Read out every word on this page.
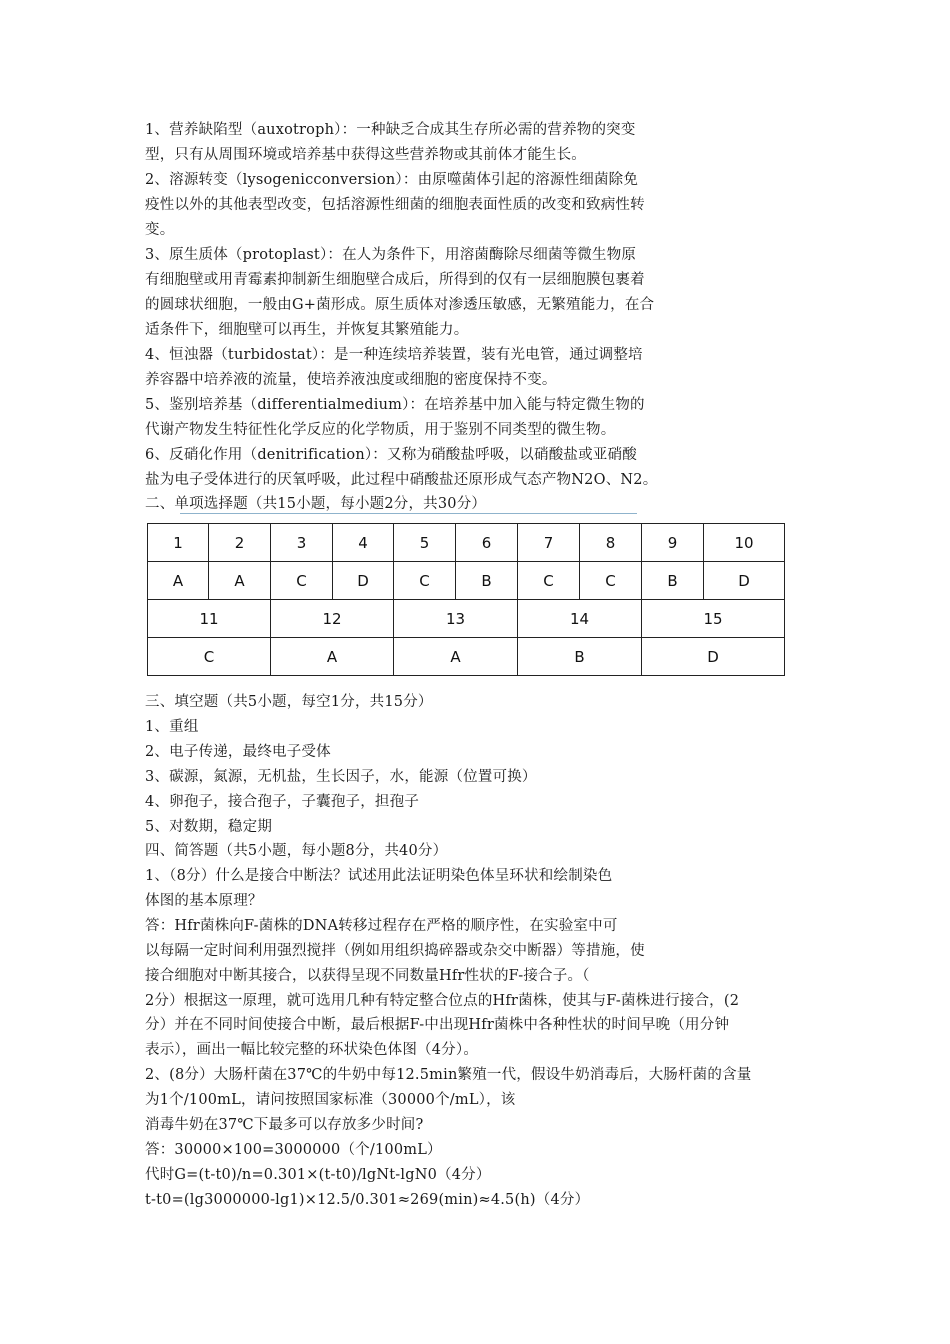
1、营养缺陷型（auxotroph）：一种缺乏合成其生存所必需的营养物的突变
型，只有从周围环境或培养基中获得这些营养物或其前体才能生长。
2、溶源转变（lysogenicconversion）：由原噬菌体引起的溶源性细菌除免
疫性以外的其他表型改变，包括溶源性细菌的细胞表面性质的改变和致病性转
变。
3、原生质体（protoplast）：在人为条件下，用溶菌酶除尽细菌等微生物原
有细胞壁或用青霉素抑制新生细胞壁合成后，所得到的仅有一层细胞膜包裹着
的圆球状细胞，一般由G+菌形成。原生质体对渗透压敏感，无繁殖能力，在合
适条件下，细胞壁可以再生，并恢复其繁殖能力。
4、恒浊器（turbidostat）：是一种连续培养装置，装有光电管，通过调整培
养容器中培养液的流量，使培养液浊度或细胞的密度保持不变。
5、鉴别培养基（differentialmedium）：在培养基中加入能与特定微生物的
代谢产物发生特征性化学反应的化学物质，用于鉴别不同类型的微生物。
6、反硝化作用（denitrification）：又称为硝酸盐呼吸，以硝酸盐或亚硝酸
盐为电子受体进行的厌氧呼吸，此过程中硝酸盐还原形成气态产物N2O、N2。
二、单项选择题（共15小题，每小题2分，共30分）
1	2	3	4	5	6	7	8	9	10
A	A	C	D	C	B	C	C	B	D
11		12		13		14		15	
C		A		A		B		D	
三、填空题（共5小题，每空1分，共15分）
1、重组
2、电子传递，最终电子受体
3、碳源，氮源，无机盐，生长因子，水，能源（位置可换）
4、卵孢子，接合孢子，子囊孢子，担孢子
5、对数期，稳定期
四、简答题（共5小题，每小题8分，共40分）
1、（8分）什么是接合中断法？试述用此法证明染色体呈环状和绘制染色
体图的基本原理？
答：Hfr菌株向F-菌株的DNA转移过程存在严格的顺序性，在实验室中可
以每隔一定时间利用强烈搅拌（例如用组织捣碎器或杂交中断器）等措施，使
接合细胞对中断其接合，以获得呈现不同数量Hfr性状的F-接合子。（
2分）根据这一原理，就可选用几种有特定整合位点的Hfr菌株，使其与F-菌株进行接合，(2
分）并在不同时间使接合中断，最后根据F-中出现Hfr菌株中各种性状的时间早晚（用分钟
表示），画出一幅比较完整的环状染色体图（4分）。
2、(8分）大肠杆菌在37℃的牛奶中每12.5min繁殖一代，假设牛奶消毒后，大肠杆菌的含量
为1个/100mL，请问按照国家标准（30000个/mL），该
消毒牛奶在37℃下最多可以存放多少时间?
答：30000×100=3000000（个/100mL）
代时G=(t-t0)/n=0.301×(t-t0)/lgNt-lgN0（4分）
t-t0=(lg3000000-lg1)×12.5/0.301≈269(min)≈4.5(h)（4分）
